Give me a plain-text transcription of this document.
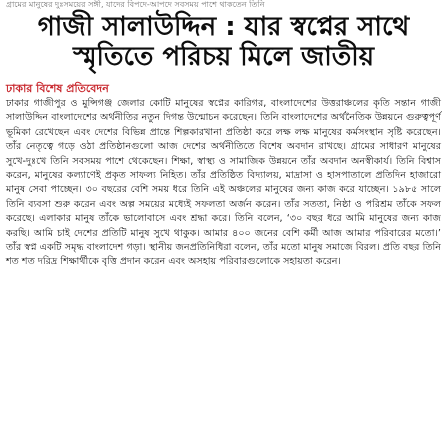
গ্রামের মানুষের দুঃসময়ের সঙ্গী, যাদের বিপদে-আপদে সবসময় পাশে থাকতেন তিনি
গাজী সালাউদ্দিন : যার স্বপ্নের সাথে
স্মৃতিতে পরিচয় মিলে জাতীয়
ঢাকার বিশেষ প্রতিবেদন

ঢাকার গাজীপুর ও মুন্সিগঞ্জ জেলার কোটি মানুষের স্বপ্নের কারিগর, বাংলাদেশের উত্তরাঞ্চলের কৃতি সন্তান গাজী সালাউদ্দিন বাংলাদেশের অর্থনীতির নতুন দিগন্ত উন্মোচন করেছেন। তিনি বাংলাদেশের অর্থনৈতিক উন্নয়নে গুরুত্বপূর্ণ ভূমিকা রেখেছেন এবং দেশের বিভিন্ন প্রান্তে শিল্পকারখানা প্রতিষ্ঠা করে লক্ষ লক্ষ মানুষের কর্মসংস্থান সৃষ্টি করেছেন। তাঁর নেতৃত্বে গড়ে ওঠা প্রতিষ্ঠানগুলো আজ দেশের অর্থনীতিতে বিশেষ অবদান রাখছে। গ্রামের সাধারণ মানুষের সুখে-দুঃখে তিনি সবসময় পাশে থেকেছেন। শিক্ষা, স্বাস্থ্য ও সামাজিক উন্নয়নে তাঁর অবদান অনস্বীকার্য। তিনি বিশ্বাস করেন, মানুষের কল্যাণেই প্রকৃত সাফল্য নিহিত। তাঁর প্রতিষ্ঠিত বিদ্যালয়, মাদ্রাসা ও হাসপাতালে প্রতিদিন হাজারো মানুষ সেবা পাচ্ছেন। ৩০ বছরের বেশি সময় ধরে তিনি এই অঞ্চলের মানুষের জন্য কাজ করে যাচ্ছেন। ১৯৮৫ সালে তিনি ব্যবসা শুরু করেন এবং অল্প সময়ের মধ্যেই সফলতা অর্জন করেন। তাঁর সততা, নিষ্ঠা ও পরিশ্রম তাঁকে সফল করেছে। এলাকার মানুষ তাঁকে ভালোবাসে এবং শ্রদ্ধা করে। তিনি বলেন, ‘৩০ বছর ধরে আমি মানুষের জন্য কাজ করছি। আমি চাই দেশের প্রতিটি মানুষ সুখে থাকুক। আমার ৪০০ জনের বেশি কর্মী আজ আমার পরিবারের মতো।’ তাঁর স্বপ্ন একটি সমৃদ্ধ বাংলাদেশ গড়া। স্থানীয় জনপ্রতিনিধিরা বলেন, তাঁর মতো মানুষ সমাজে বিরল। প্রতি বছর তিনি শত শত দরিদ্র শিক্ষার্থীকে বৃত্তি প্রদান করেন এবং অসহায় পরিবারগুলোকে সহায়তা করেন।
